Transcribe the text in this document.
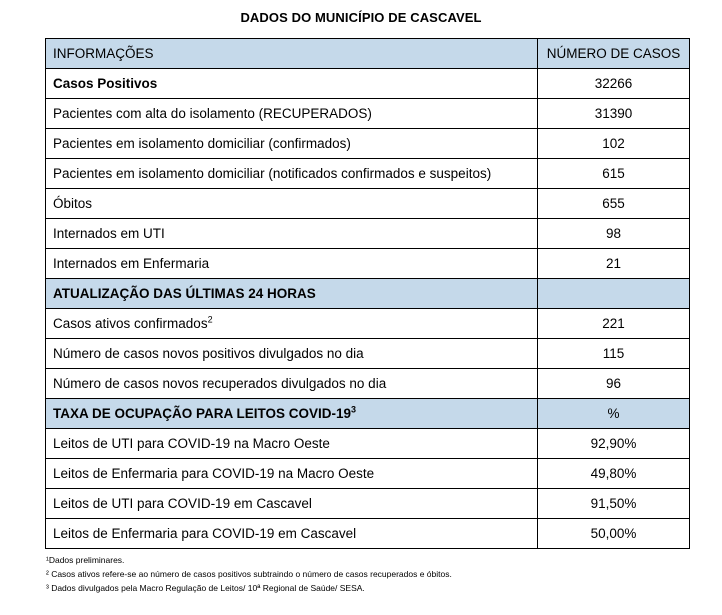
DADOS DO MUNICÍPIO DE CASCAVEL
INFORMAÇÕES	NÚMERO DE CASOS
Casos Positivos	32266
Pacientes com alta do isolamento (RECUPERADOS)	31390
Pacientes em isolamento domiciliar (confirmados)	102
Pacientes em isolamento domiciliar (notificados confirmados e suspeitos)	615
Óbitos	655
Internados em UTI	98
Internados em Enfermaria	21
ATUALIZAÇÃO DAS ÚLTIMAS 24 HORAS	
Casos ativos confirmados$^2$	221
Número de casos novos positivos divulgados no dia	115
Número de casos novos recuperados divulgados no dia	96
TAXA DE OCUPAÇÃO PARA LEITOS COVID-$19^3$	%
Leitos de UTI para COVID-19 na Macro Oeste	92,90%
Leitos de Enfermaria para COVID-19 na Macro Oeste	49,80%
Leitos de UTI para COVID-19 em Cascavel	91,50%
Leitos de Enfermaria para COVID-19 em Cascavel	50,00%
¹Dados preliminares.
² Casos ativos refere-se ao número de casos positivos subtraindo o número de casos recuperados e óbitos.
³ Dados divulgados pela Macro Regulação de Leitos/ 10ª Regional de Saúde/ SESA.
